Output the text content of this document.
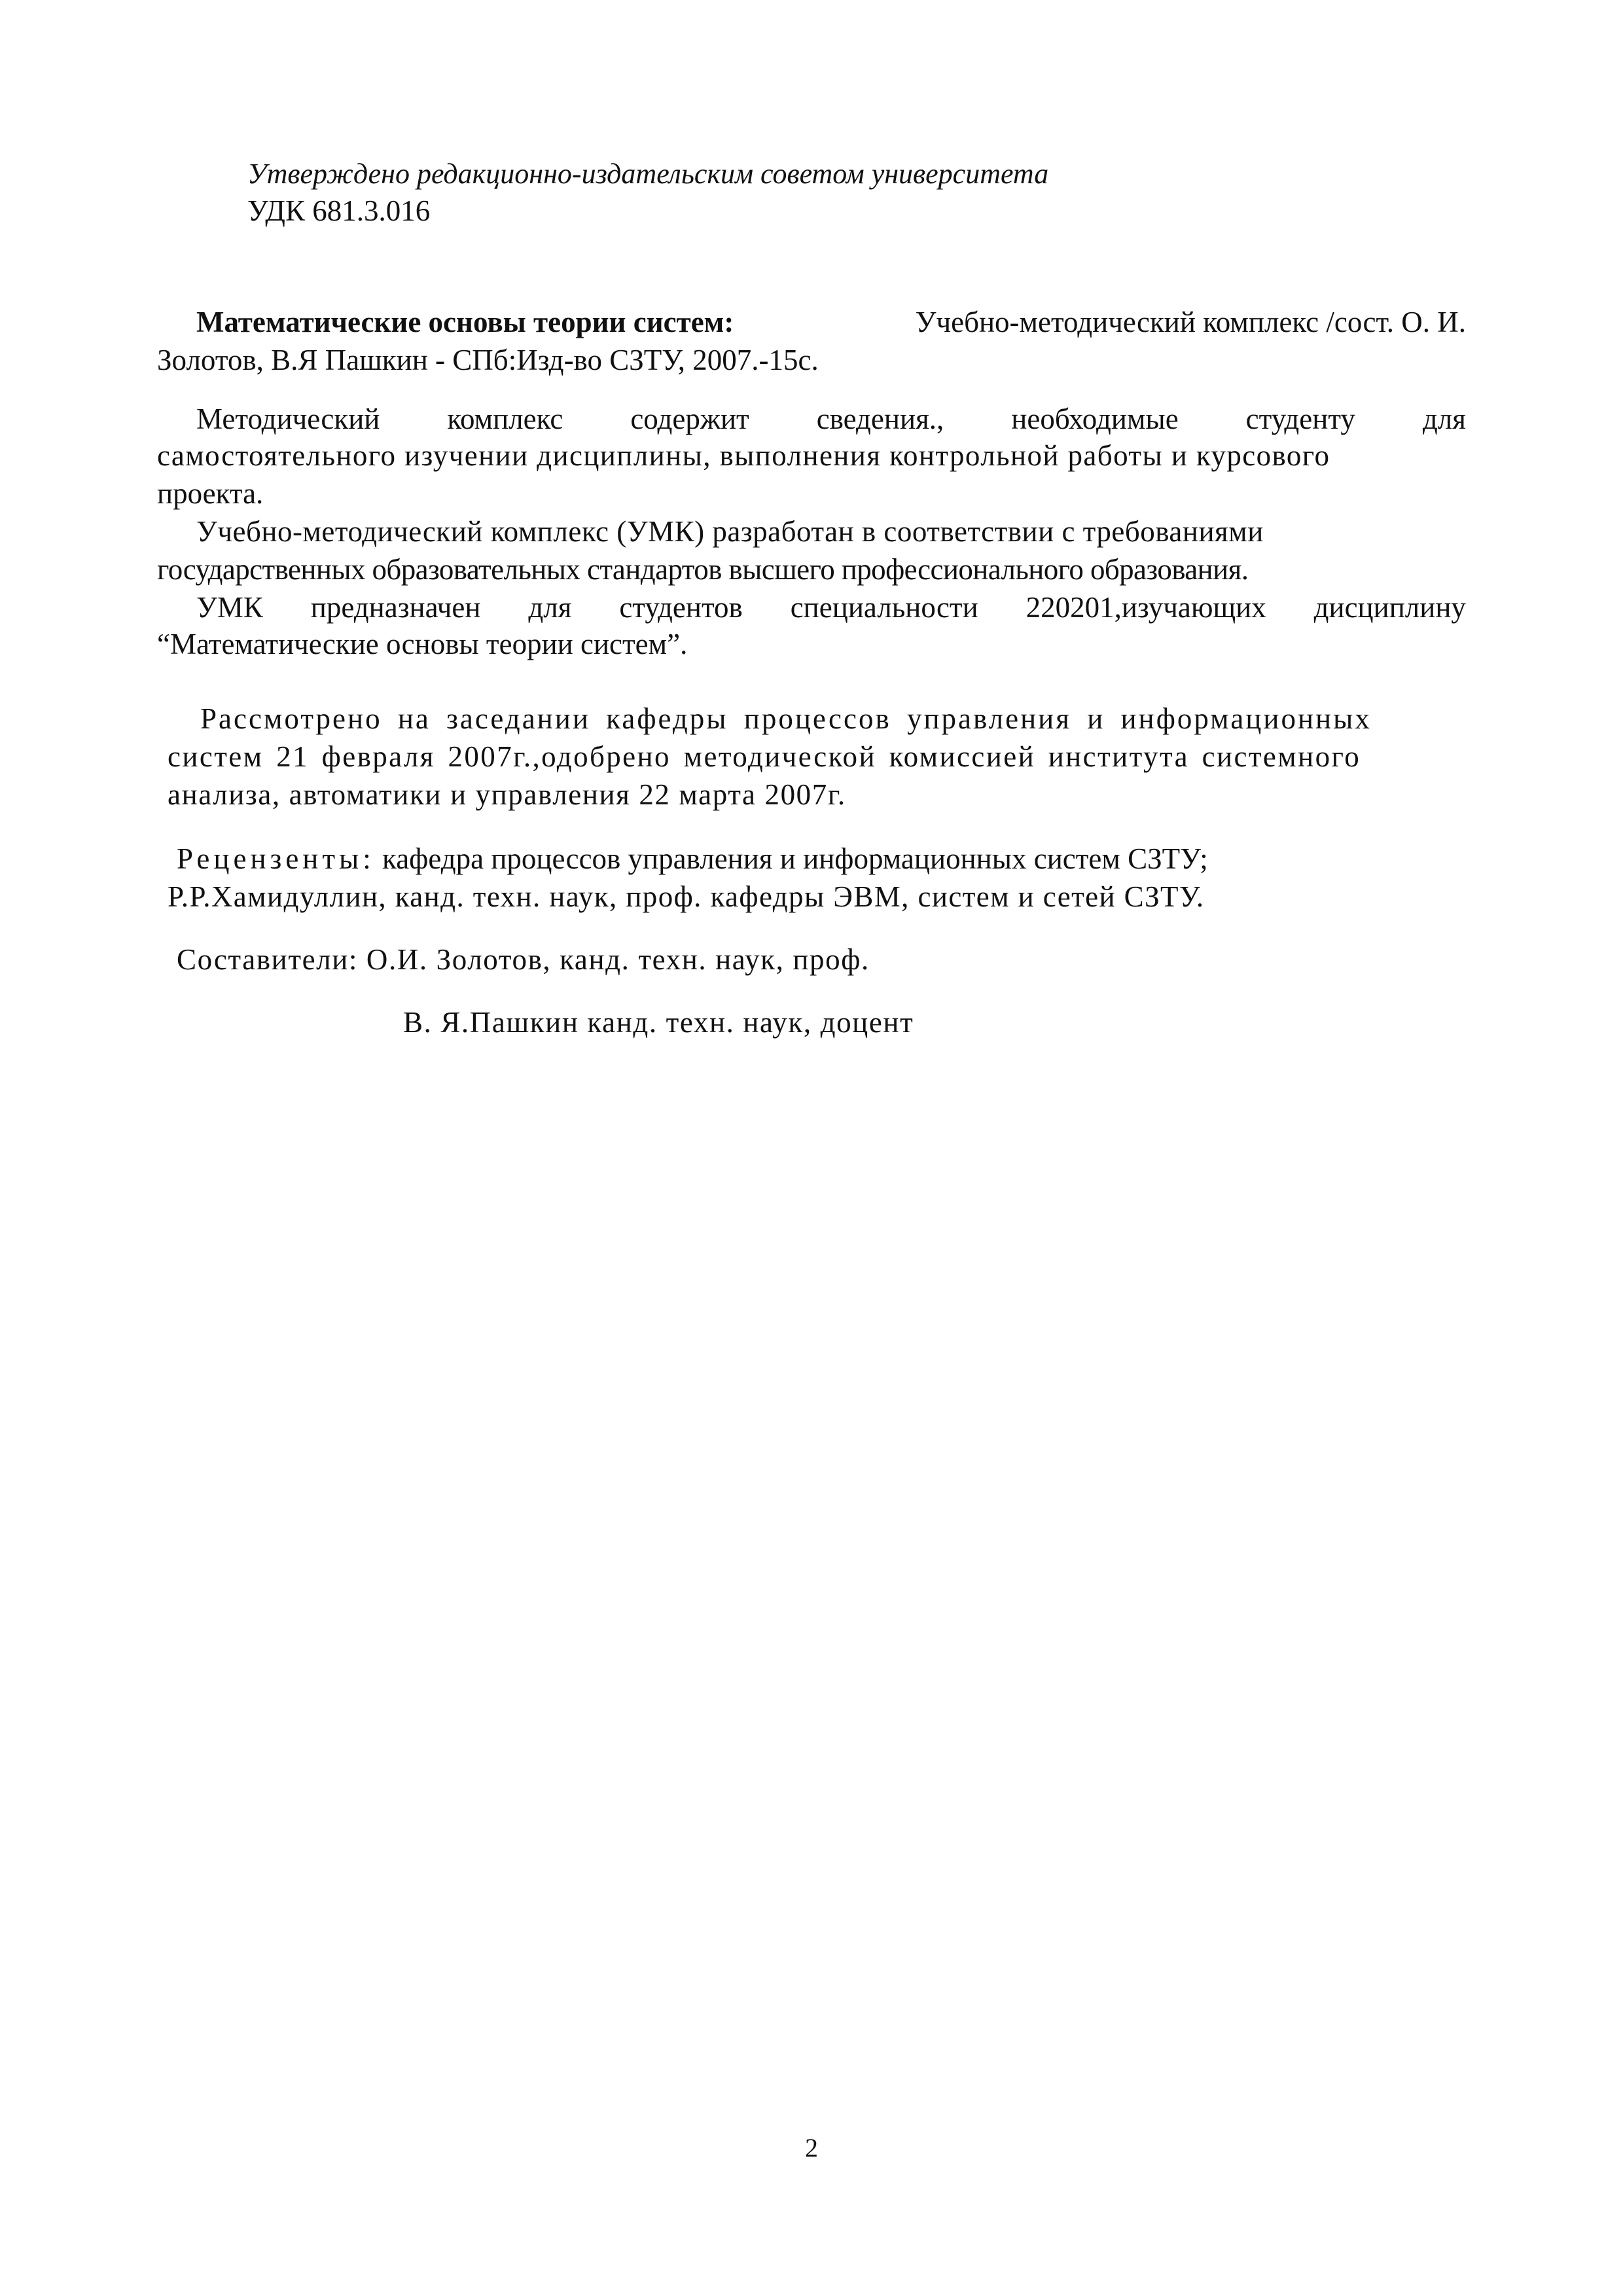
Утверждено редакционно-издательским советом университета
УДК 681.3.016
Математические основы теории систем:	Учебно-методический комплекс /сост. О. И.
Золотов, В.Я Пашкин - СПб:Изд-во СЗТУ, 2007.-15с.
Методический комплекс содержит сведения., необходимые студенту для
самостоятельного изучении дисциплины, выполнения контрольной работы и курсового
проекта.
Учебно-методический комплекс (УМК) разработан в соответствии с требованиями
государственных образовательных стандартов высшего профессионального образования.
УМК предназначен для студентов специальности 220201,изучающих дисциплину
“Математические основы теории систем”.
Рассмотрено на заседании кафедры процессов управления и информационных
систем 21 февраля 2007г.,одобрено методической комиссией института системного
анализа, автоматики и управления 22 марта 2007г.
Рецензенты: кафедра процессов управления и информационных систем СЗТУ;
Р.Р.Хамидуллин, канд. техн. наук, проф. кафедры ЭВМ, систем и сетей СЗТУ.
Составители: О.И. Золотов, канд. техн. наук, проф.
В. Я.Пашкин канд. техн. наук, доцент
2
